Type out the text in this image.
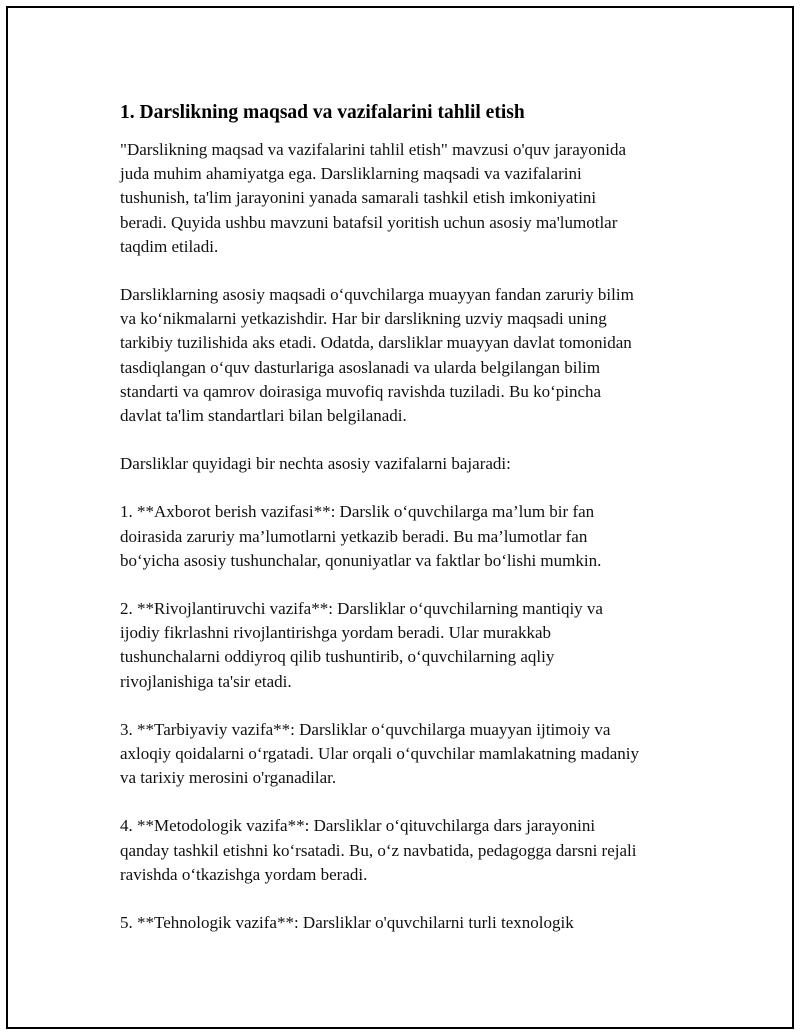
1. Darslikning maqsad va vazifalarini tahlil etish

"Darslikning maqsad va vazifalarini tahlil etish" mavzusi o'quv jarayonida
juda muhim ahamiyatga ega. Darsliklarning maqsadi va vazifalarini
tushunish, ta'lim jarayonini yanada samarali tashkil etish imkoniyatini
beradi. Quyida ushbu mavzuni batafsil yoritish uchun asosiy ma'lumotlar
taqdim etiladi.

Darsliklarning asosiy maqsadi o‘quvchilarga muayyan fandan zaruriy bilim
va ko‘nikmalarni yetkazishdir. Har bir darslikning uzviy maqsadi uning
tarkibiy tuzilishida aks etadi. Odatda, darsliklar muayyan davlat tomonidan
tasdiqlangan o‘quv dasturlariga asoslanadi va ularda belgilangan bilim
standarti va qamrov doirasiga muvofiq ravishda tuziladi. Bu ko‘pincha
davlat ta'lim standartlari bilan belgilanadi.

Darsliklar quyidagi bir nechta asosiy vazifalarni bajaradi:

1. **Axborot berish vazifasi**: Darslik o‘quvchilarga ma’lum bir fan
doirasida zaruriy ma’lumotlarni yetkazib beradi. Bu ma’lumotlar fan
bo‘yicha asosiy tushunchalar, qonuniyatlar va faktlar bo‘lishi mumkin.

2. **Rivojlantiruvchi vazifa**: Darsliklar o‘quvchilarning mantiqiy va
ijodiy fikrlashni rivojlantirishga yordam beradi. Ular murakkab
tushunchalarni oddiyroq qilib tushuntirib, o‘quvchilarning aqliy
rivojlanishiga ta'sir etadi.

3. **Tarbiyaviy vazifa**: Darsliklar o‘quvchilarga muayyan ijtimoiy va
axloqiy qoidalarni o‘rgatadi. Ular orqali o‘quvchilar mamlakatning madaniy
va tarixiy merosini o'rganadilar.

4. **Metodologik vazifa**: Darsliklar o‘qituvchilarga dars jarayonini
qanday tashkil etishni ko‘rsatadi. Bu, o‘z navbatida, pedagogga darsni rejali
ravishda o‘tkazishga yordam beradi.

5. **Tehnologik vazifa**: Darsliklar o'quvchilarni turli texnologik
